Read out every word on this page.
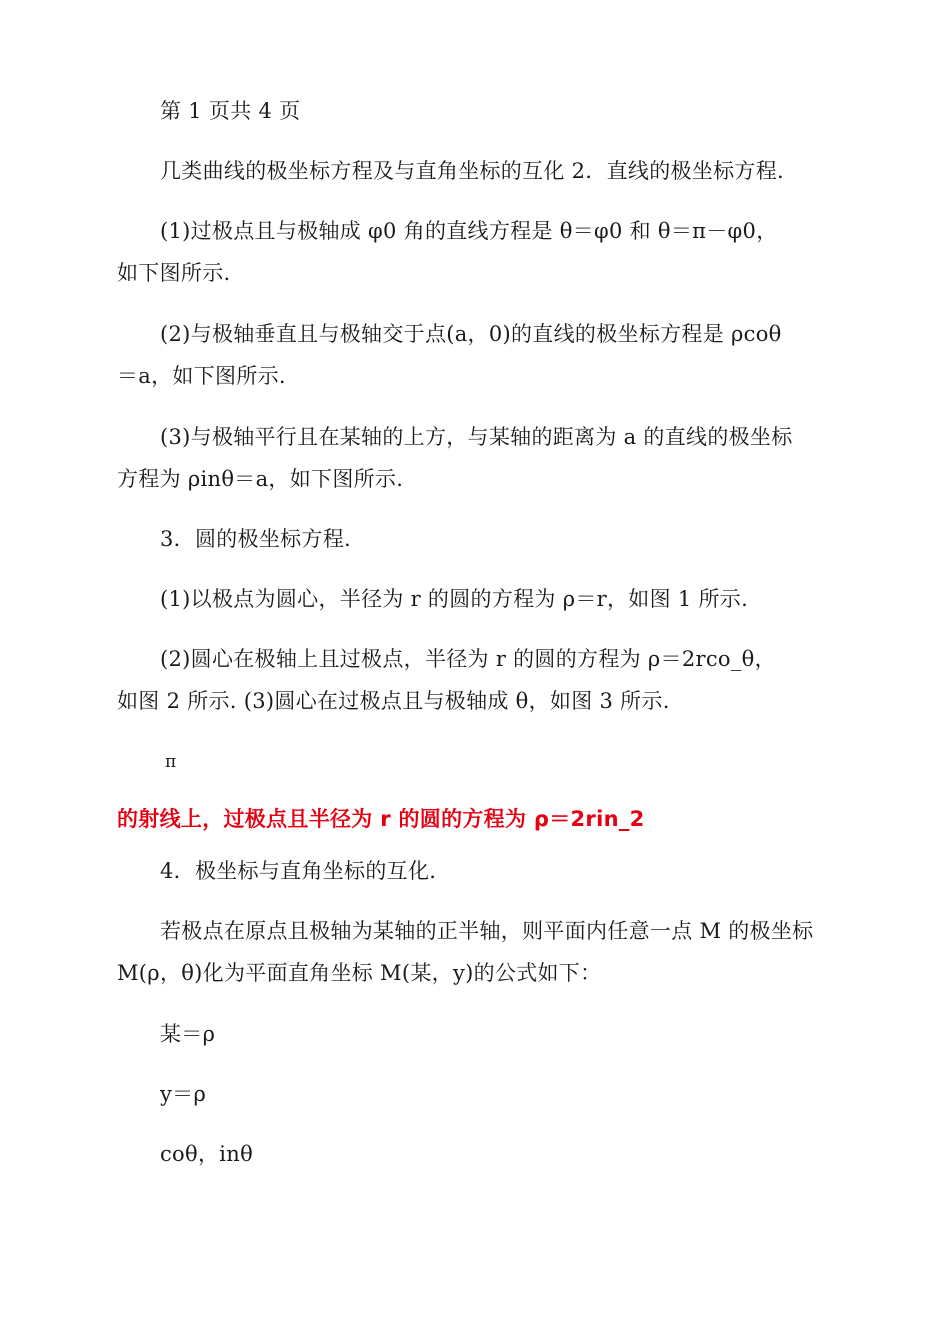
第 1 页共 4 页
几类曲线的极坐标方程及与直角坐标的互化 2．直线的极坐标方程.
(1)过极点且与极轴成 φ0 角的直线方程是 θ＝φ0 和 θ＝π－φ0，
如下图所示.
(2)与极轴垂直且与极轴交于点(a，0)的直线的极坐标方程是 ρcoθ
＝a，如下图所示.
(3)与极轴平行且在某轴的上方，与某轴的距离为 a 的直线的极坐标
方程为 ρinθ＝a，如下图所示.
3．圆的极坐标方程.
(1)以极点为圆心，半径为 r 的圆的方程为 ρ＝r，如图 1 所示.
(2)圆心在极轴上且过极点，半径为 r 的圆的方程为 ρ＝2rco_θ，
如图 2 所示. (3)圆心在过极点且与极轴成 θ，如图 3 所示.
π
的射线上，过极点且半径为 r 的圆的方程为 ρ＝2rin_2
4．极坐标与直角坐标的互化.
若极点在原点且极轴为某轴的正半轴，则平面内任意一点 M 的极坐标
M(ρ，θ)化为平面直角坐标 M(某，y)的公式如下：
某＝ρ
y＝ρ
coθ，inθ
